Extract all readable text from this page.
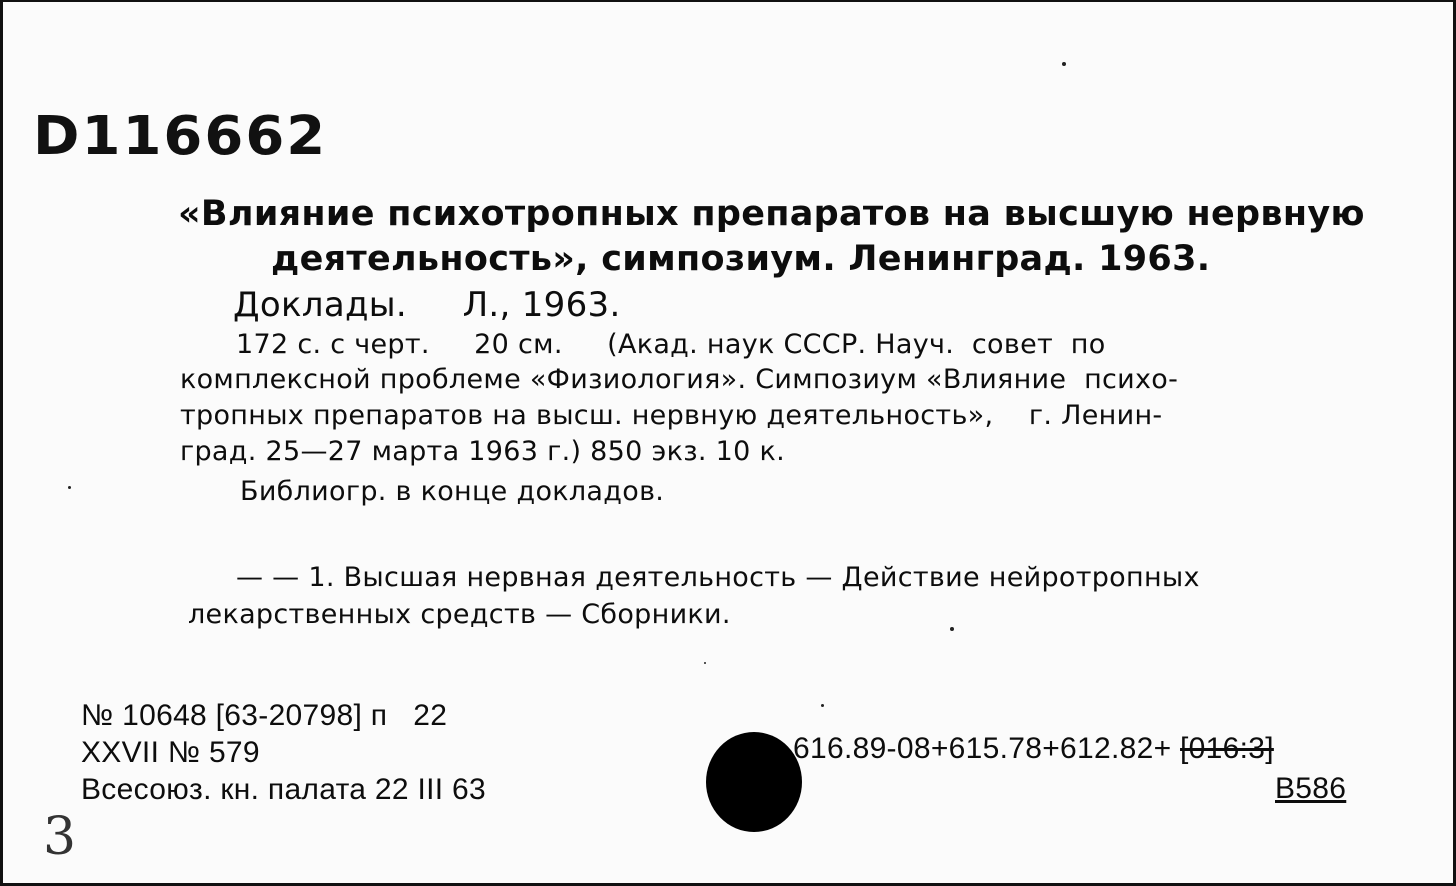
D116662
«Влияние психотропных препаратов на высшую нервную
деятельность», симпозиум. Ленинград. 1963.
Доклады.     Л., 1963.
172 с. с черт.     20 см.     (Акад. наук СССР. Науч.  совет  по
комплексной проблеме «Физиология». Симпозиум «Влияние  психо-
тропных препаратов на высш. нервную деятельность»,    г. Ленин-
град. 25—27 марта 1963 г.) 850 экз. 10 к.
Библиогр. в конце докладов.
— — 1. Высшая нервная деятельность — Действие нейротропных
лекарственных средств — Сборники.
№ 10648 [63-20798] п   22
XXVII № 579
Всесоюз. кн. палата 22 III 63
616.89-08+615.78+612.82+ [016:3]
B586
3
